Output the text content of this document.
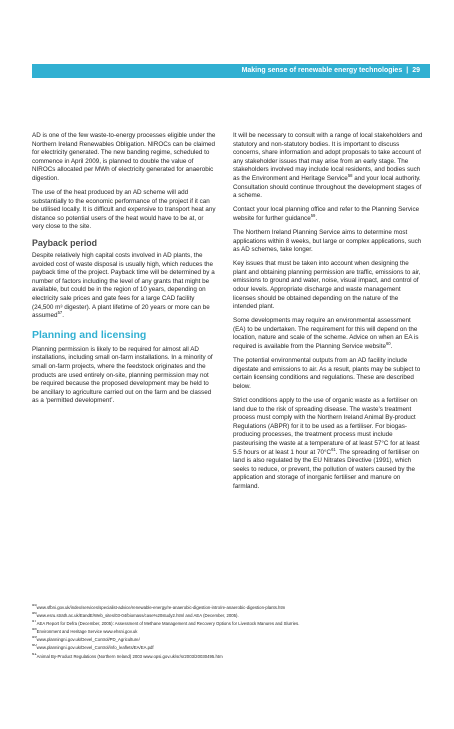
Making sense of renewable energy technologies | 29

AD is one of the few waste-to-energy processes eligible under the Northern Ireland Renewables Obligation. NIROCs can be claimed for electricity generated. The new banding regime, scheduled to commence in April 2009, is planned to double the value of NIROCs allocated per MWh of electricity generated for anaerobic digestion.

The use of the heat produced by an AD scheme will add substantially to the economic performance of the project if it can be utilised locally. It is difficult and expensive to transport heat any distance so potential users of the heat would have to be at, or very close to the site.

Payback period

Despite relatively high capital costs involved in AD plants, the avoided cost of waste disposal is usually high, which reduces the payback time of the project. Payback time will be determined by a number of factors including the level of any grants that might be available, but could be in the region of 10 years, depending on electricity sale prices and gate fees for a large CAD facility (24,500 m³ digester). A plant lifetime of 20 years or more can be assumed$^{57}$.

Planning and licensing

Planning permission is likely to be required for almost all AD installations, including small on-farm installations. In a minority of small on-farm projects, where the feedstock originates and the products are used entirely on-site, planning permission may not be required because the proposed development may be held to be ancillary to agriculture carried out on the farm and be classed as a ‘permitted development’.

It will be necessary to consult with a range of local stakeholders and statutory and non-statutory bodies. It is important to discuss concerns, share information and adopt proposals to take account of any stakeholder issues that may arise from an early stage. The stakeholders involved may include local residents, and bodies such as the Environment and Heritage Service$^{58}$ and your local authority. Consultation should continue throughout the development stages of a scheme.

Contact your local planning office and refer to the Planning Service website for further guidance$^{59}$.

The Northern Ireland Planning Service aims to determine most applications within 8 weeks, but large or complex applications, such as AD schemes, take longer.

Key issues that must be taken into account when designing the plant and obtaining planning permission are traffic, emissions to air, emissions to ground and water, noise, visual impact, and control of odour levels. Appropriate discharge and waste management licenses should be obtained depending on the nature of the intended plant.

Some developments may require an environmental assessment (EA) to be undertaken. The requirement for this will depend on the location, nature and scale of the scheme. Advice on when an EA is required is available from the Planning Service website$^{60}$.

The potential environmental outputs from an AD facility include digestate and emissions to air. As a result, plants may be subject to certain licensing conditions and regulations. These are described below.

Strict conditions apply to the use of organic waste as a fertiliser on land due to the risk of spreading disease. The waste’s treatment process must comply with the Northern Ireland Animal By-product Regulations (ABPR) for it to be used as a fertiliser. For biogas-producing processes, the treatment process must include pasteurising the waste at a temperature of at least 57°C for at least 5.5 hours or at least 1 hour at $70^\circ C^{61}$. The spreading of fertiliser on land is also regulated by the EU Nitrates Directive (1991), which seeks to reduce, or prevent, the pollution of waters caused by the application and storage of inorganic fertiliser and manure on farmland.

$^{55}$www.sfbni.gov.uk/index/services/specialist-advice/renewable-energy/re-anaerobic-digestion-intro/re-anaerobic-digestion-plants.htm
$^{56}$www.esru.strath.ac.uk/EandE/Web_sites/03-04/biomass/case%20study2.html and AEA (December, 2005).
$^{57}$AEA Report for Defra (December, 2005): Assessment of Methane Management and Recovery Options for Livestock Manures and Slurries.
$^{58}$Environment and Heritage Service www.ehsni.gov.uk
$^{59}$www.planningni.gov.uk/Devel_Control/PD_Agriculture/
$^{60}$www.planningni.gov.uk/Devel_Control/info_leaflets/EA/EA.pdf
$^{61}$Animal By-Product Regulations (Northern Ireland) 2003 www.opsi.gov.uk/sr/sr2003/20030495.htm
